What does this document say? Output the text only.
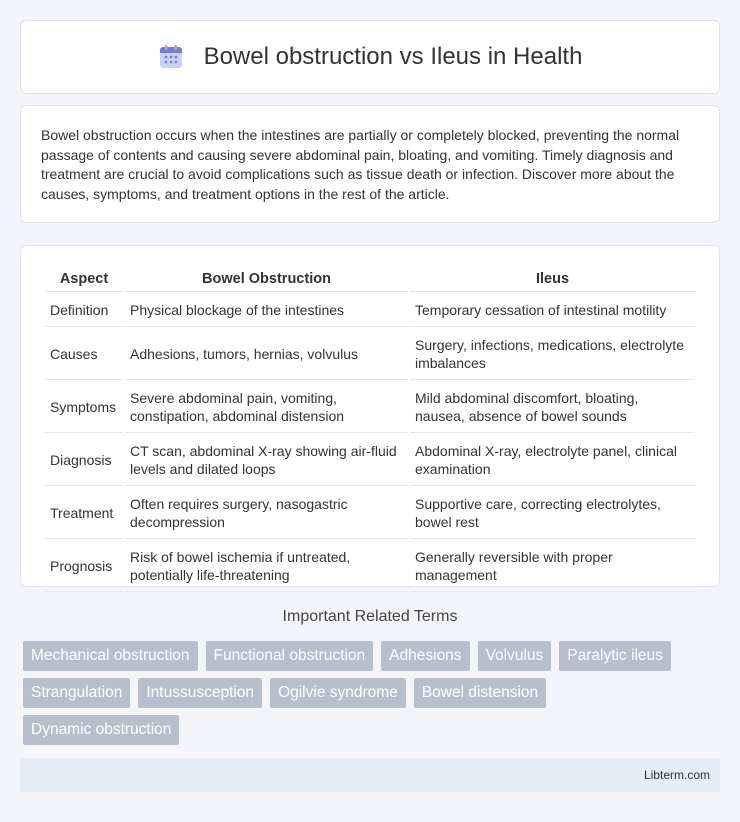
Bowel obstruction vs Ileus in Health

Bowel obstruction occurs when the intestines are partially or completely blocked, preventing the normal passage of contents and causing severe abdominal pain, bloating, and vomiting. Timely diagnosis and treatment are crucial to avoid complications such as tissue death or infection. Discover more about the causes, symptoms, and treatment options in the rest of the article.

Aspect	Bowel Obstruction	Ileus
Definition	Physical blockage of the intestines	Temporary cessation of intestinal motility
Causes	Adhesions, tumors, hernias, volvulus	Surgery, infections, medications, electrolyte imbalances
Symptoms	Severe abdominal pain, vomiting, constipation, abdominal distension	Mild abdominal discomfort, bloating, nausea, absence of bowel sounds
Diagnosis	CT scan, abdominal X-ray showing air-fluid levels and dilated loops	Abdominal X-ray, electrolyte panel, clinical examination
Treatment	Often requires surgery, nasogastric decompression	Supportive care, correcting electrolytes, bowel rest
Prognosis	Risk of bowel ischemia if untreated, potentially life-threatening	Generally reversible with proper management
Important Related Terms
Mechanical obstruction	Functional obstruction	Adhesions	Volvulus	Paralytic ileus
Strangulation	Intussusception	Ogilvie syndrome	Bowel distension
Dynamic obstruction
Libterm.com
